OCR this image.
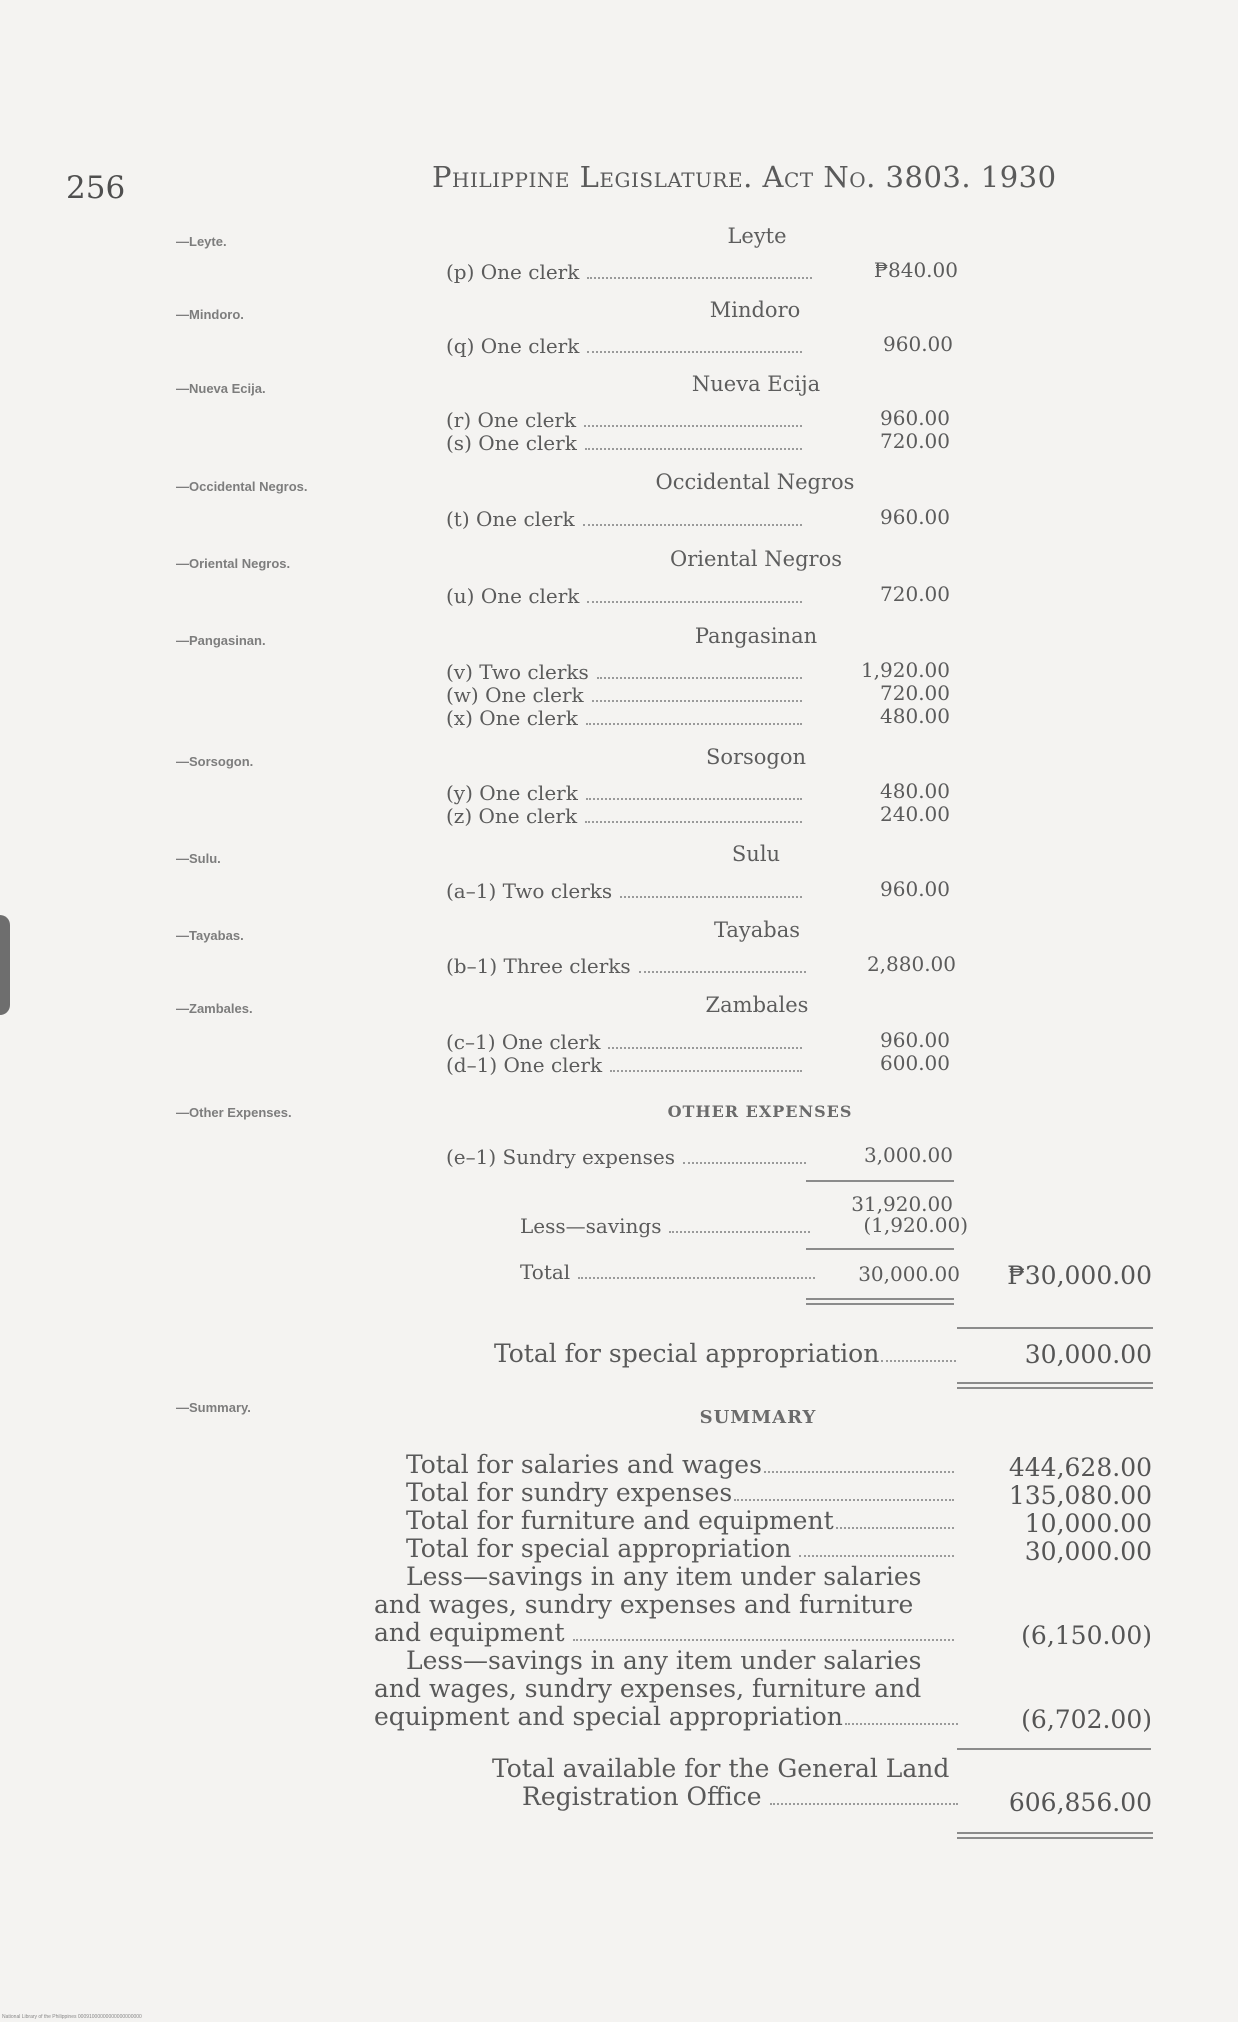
256	Philippine Legislature. Act No. 3803. 1930
—Leyte.
—Mindoro.
—Nueva Ecija.
—Occidental Negros.
—Oriental Negros.
—Pangasinan.
—Sorsogon.
—Sulu.
—Tayabas.
—Zambales.
—Other Expenses.
—Summary.
Leyte
(p) One clerk	₱840.00
Mindoro
(q) One clerk	960.00
Nueva Ecija
(r) One clerk	960.00
(s) One clerk	720.00
Occidental Negros
(t) One clerk	960.00
Oriental Negros
(u) One clerk	720.00
Pangasinan
(v) Two clerks	1,920.00
(w) One clerk	720.00
(x) One clerk	480.00
Sorsogon
(y) One clerk	480.00
(z) One clerk	240.00
Sulu
(a–1) Two clerks	960.00
Tayabas
(b–1) Three clerks	2,880.00
Zambales
(c–1) One clerk	960.00
(d–1) One clerk	600.00
OTHER EXPENSES
(e–1) Sundry expenses	3,000.00
31,920.00
Less—savings	(1,920.00)
Total	30,000.00	₱30,000.00
Total for special appropriation	30,000.00
SUMMARY
Total for salaries and wages	444,628.00
Total for sundry expenses	135,080.00
Total for furniture and equipment	10,000.00
Total for special appropriation	30,000.00
Less—savings in any item under salaries
and wages, sundry expenses and furniture
and equipment	(6,150.00)
Less—savings in any item under salaries
and wages, sundry expenses, furniture and
equipment and special appropriation	(6,702.00)
Total available for the General Land
Registration Office	606,856.00
National Library of the Philippines 00091000000000000000000
